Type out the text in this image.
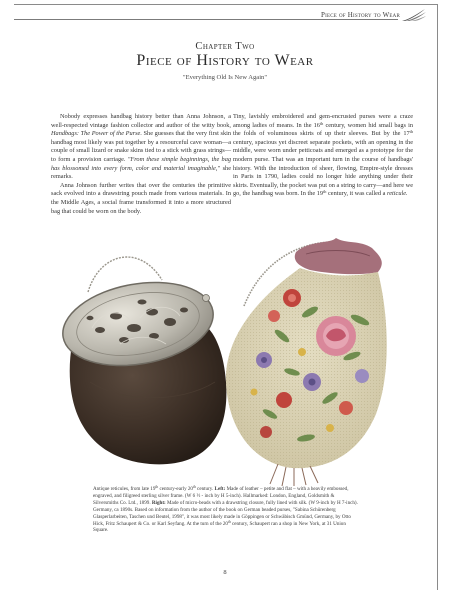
Piece of History to Wear
Chapter Two
Piece of History to Wear
"Everything Old Is New Again"

Nobody expresses handbag history better than Anna Johnson, a well-respected vintage fashion collector and author of the witty book, Handbags: The Power of the Purse. She guesses that the very first skin handbag most likely was put together by a resourceful cave woman—a couple of small lizard or snake skins tied to a stick with grass strings—to form a provision carriage. "From these simple beginnings, the bag has blossomed into every form, color and material imaginable," she remarks.

Anna Johnson further writes that over the centuries the primitive sack evolved into a drawstring pouch made from various materials. In the Middle Ages, a social frame transformed it into a more structured bag that could be worn on the body.

Tiny, lavishly embroidered and gem-encrusted purses were a craze among ladies of means. In the 16th century, women hid small bags in the folds of voluminous skirts of up their sleeves. But by the 17th century, spacious yet discreet separate pockets, with an opening in the middle, were worn under petticoats and emerged as a prototype for the modern purse. That was an important turn in the course of handbags' history. With the introduction of sheer, flowing, Empire-style dresses in Paris in 1790, ladies could no longer hide anything under their skirts. Eventually, the pocket was put on a string to carry—and here we go, the handbag was born. In the 19th century, it was called a reticule.

Antique reticules, from late 19th century-early 20th century. Left: Made of leather – petite and flat – with a heavily embossed, engraved, and filigreed sterling silver frame. (W 6 ½ - inch by H 5-inch). Hallmarked: London, England, Goldsmith & Silversmiths Co. Ltd., 1899. Right: Made of micro-beads with a drawstring closure, fully lined with silk. (W 9-inch by H 7-inch). Germany, ca 1890s. Based on information from the author of the book on German beaded purses, "Sabina Schürenberg Glasperlarbeiten, Taschen und Beutel, 1998", it was most likely made in Göppingen or Schwäbisch Gmünd, Germany, by Otto Hick, Fritz Schaupert & Co. or Karl Seyfang. At the turn of the 20th century, Schaupert ran a shop in New York, at 31 Union Square.
8
